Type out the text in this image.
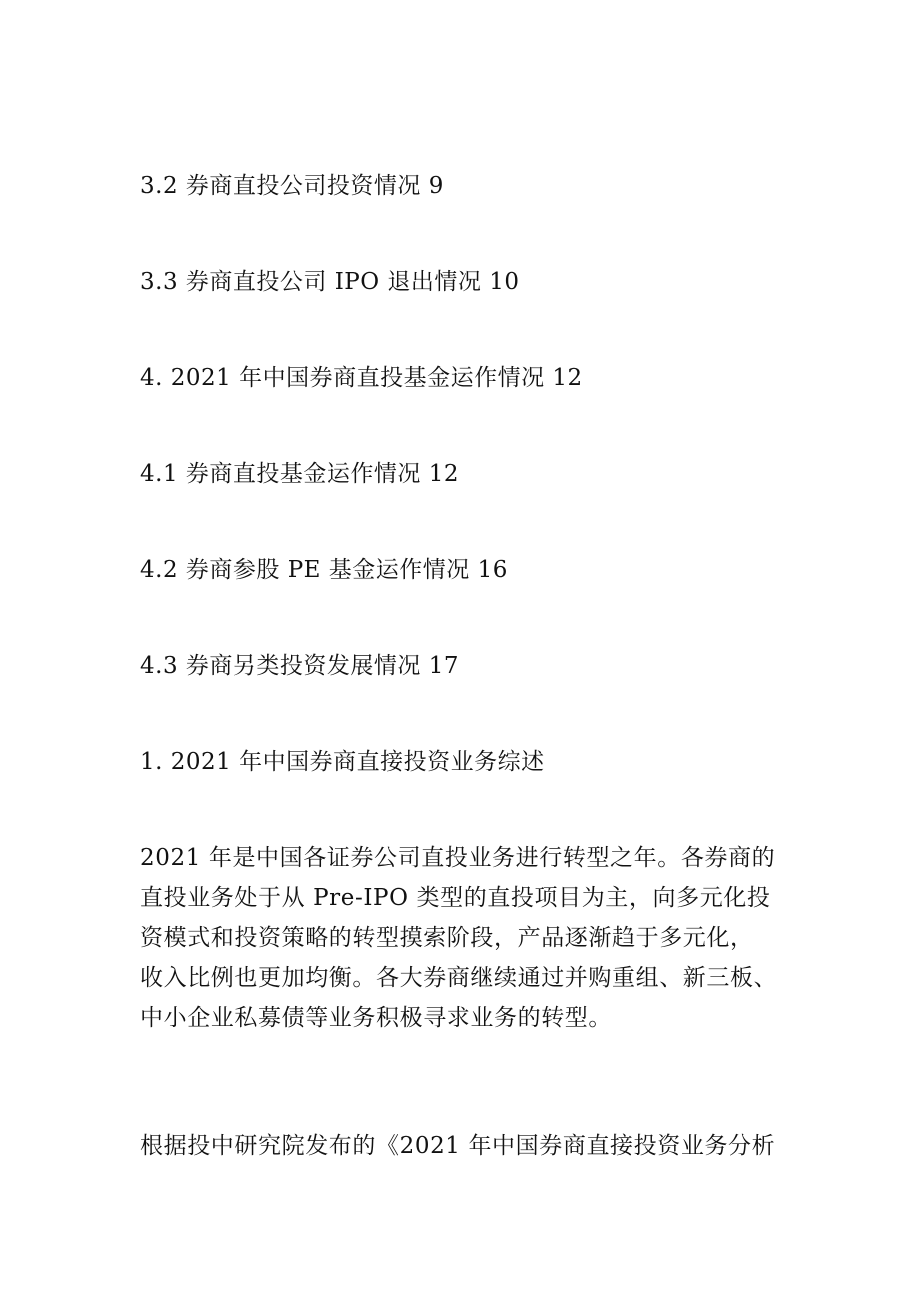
3.2 券商直投公司投资情况 9
3.3 券商直投公司 IPO 退出情况 10
4. 2021 年中国券商直投基金运作情况 12
4.1 券商直投基金运作情况 12
4.2 券商参股 PE 基金运作情况 16
4.3 券商另类投资发展情况 17
1. 2021 年中国券商直接投资业务综述
2021 年是中国各证券公司直投业务进行转型之年。各券商的
直投业务处于从 Pre-IPO 类型的直投项目为主，向多元化投
资模式和投资策略的转型摸索阶段，产品逐渐趋于多元化，
收入比例也更加均衡。各大券商继续通过并购重组、新三板、
中小企业私募债等业务积极寻求业务的转型。
根据投中研究院发布的《2021 年中国券商直接投资业务分析
